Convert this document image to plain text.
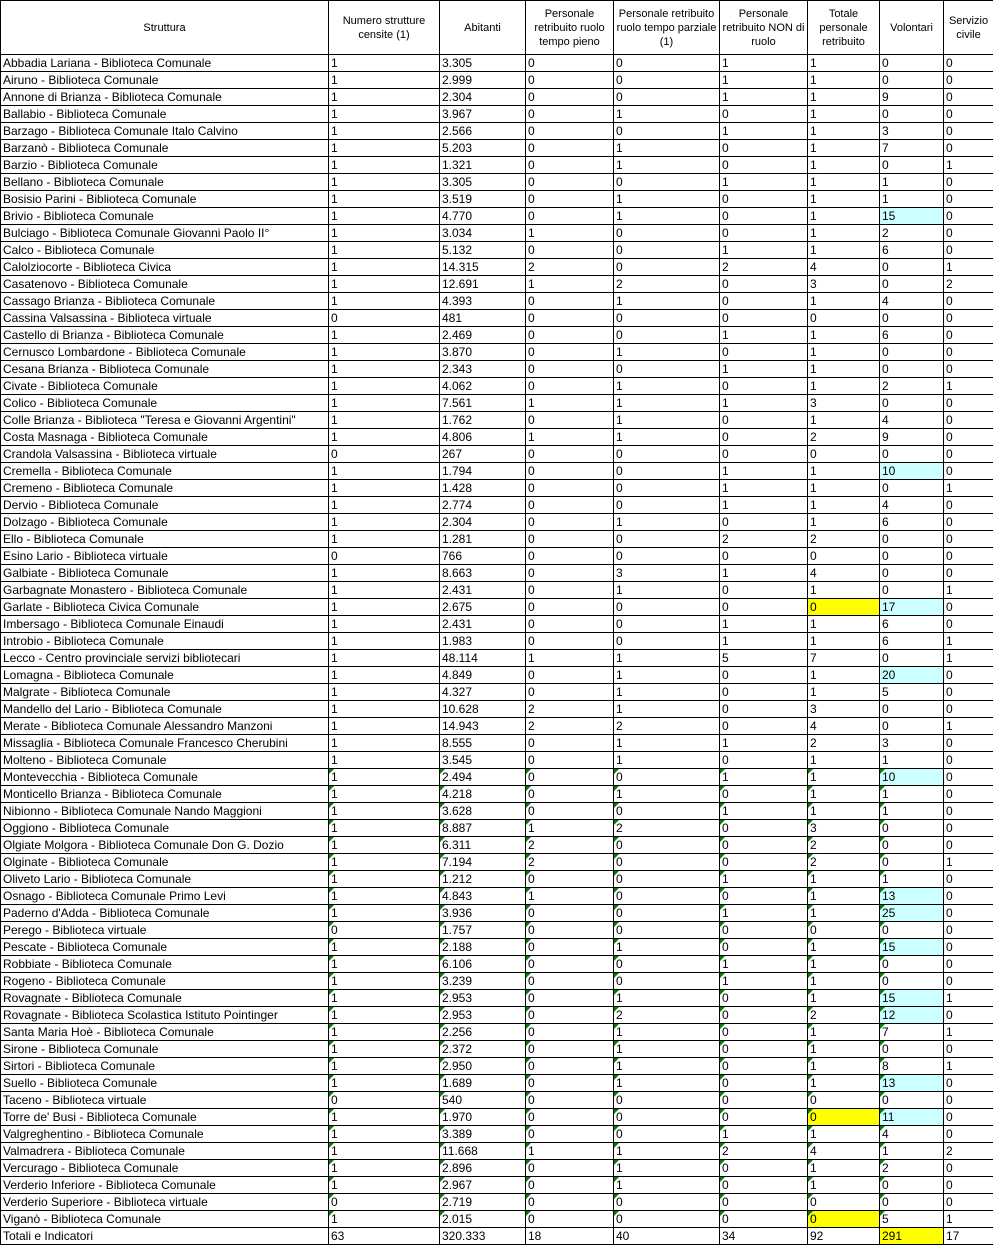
Struttura	Numero strutture censite (1)	Abitanti	Personale retribuito ruolo tempo pieno	Personale retribuito ruolo tempo parziale (1)	Personale retribuito NON di ruolo	Totale personale retribuito	Volontari	Servizio civile
Abbadia Lariana - Biblioteca Comunale	1	3.305	0	0	1	1	0	0
Airuno - Biblioteca Comunale	1	2.999	0	0	1	1	0	0
Annone di Brianza - Biblioteca Comunale	1	2.304	0	0	1	1	9	0
Ballabio - Biblioteca Comunale	1	3.967	0	1	0	1	0	0
Barzago - Biblioteca Comunale Italo Calvino	1	2.566	0	0	1	1	3	0
Barzanò - Biblioteca Comunale	1	5.203	0	1	0	1	7	0
Barzio - Biblioteca Comunale	1	1.321	0	1	0	1	0	1
Bellano - Biblioteca Comunale	1	3.305	0	0	1	1	1	0
Bosisio Parini - Biblioteca Comunale	1	3.519	0	1	0	1	1	0
Brivio - Biblioteca Comunale	1	4.770	0	1	0	1	15	0
Bulciago - Biblioteca Comunale Giovanni Paolo II°	1	3.034	1	0	0	1	2	0
Calco - Biblioteca Comunale	1	5.132	0	0	1	1	6	0
Calolziocorte - Biblioteca Civica	1	14.315	2	0	2	4	0	1
Casatenovo - Biblioteca Comunale	1	12.691	1	2	0	3	0	2
Cassago Brianza - Biblioteca Comunale	1	4.393	0	1	0	1	4	0
Cassina Valsassina - Biblioteca virtuale	0	481	0	0	0	0	0	0
Castello di Brianza - Biblioteca Comunale	1	2.469	0	0	1	1	6	0
Cernusco Lombardone - Biblioteca Comunale	1	3.870	0	1	0	1	0	0
Cesana Brianza - Biblioteca Comunale	1	2.343	0	0	1	1	0	0
Civate - Biblioteca Comunale	1	4.062	0	1	0	1	2	1
Colico - Biblioteca Comunale	1	7.561	1	1	1	3	0	0
Colle Brianza - Biblioteca "Teresa e Giovanni Argentini"	1	1.762	0	1	0	1	4	0
Costa Masnaga - Biblioteca Comunale	1	4.806	1	1	0	2	9	0
Crandola Valsassina - Biblioteca virtuale	0	267	0	0	0	0	0	0
Cremella - Biblioteca Comunale	1	1.794	0	0	1	1	10	0
Cremeno - Biblioteca Comunale	1	1.428	0	0	1	1	0	1
Dervio - Biblioteca Comunale	1	2.774	0	0	1	1	4	0
Dolzago - Biblioteca Comunale	1	2.304	0	1	0	1	6	0
Ello - Biblioteca Comunale	1	1.281	0	0	2	2	0	0
Esino Lario - Biblioteca virtuale	0	766	0	0	0	0	0	0
Galbiate - Biblioteca Comunale	1	8.663	0	3	1	4	0	0
Garbagnate Monastero - Biblioteca Comunale	1	2.431	0	1	0	1	0	1
Garlate - Biblioteca Civica Comunale	1	2.675	0	0	0	0	17	0
Imbersago - Biblioteca Comunale Einaudi	1	2.431	0	0	1	1	6	0
Introbio - Biblioteca Comunale	1	1.983	0	0	1	1	6	1
Lecco - Centro provinciale servizi bibliotecari	1	48.114	1	1	5	7	0	1
Lomagna - Biblioteca Comunale	1	4.849	0	1	0	1	20	0
Malgrate - Biblioteca Comunale	1	4.327	0	1	0	1	5	0
Mandello del Lario - Biblioteca Comunale	1	10.628	2	1	0	3	0	0
Merate - Biblioteca Comunale Alessandro Manzoni	1	14.943	2	2	0	4	0	1
Missaglia - Biblioteca Comunale Francesco Cherubini	1	8.555	0	1	1	2	3	0
Molteno - Biblioteca Comunale	1	3.545	0	1	0	1	1	0
Montevecchia - Biblioteca Comunale	1	2.494	0	0	1	1	10	0
Monticello Brianza - Biblioteca Comunale	1	4.218	0	1	0	1	1	0
Nibionno - Biblioteca Comunale Nando Maggioni	1	3.628	0	0	1	1	1	0
Oggiono - Biblioteca Comunale	1	8.887	1	2	0	3	0	0
Olgiate Molgora - Biblioteca Comunale Don G. Dozio	1	6.311	2	0	0	2	0	0
Olginate - Biblioteca Comunale	1	7.194	2	0	0	2	0	1
Oliveto Lario - Biblioteca Comunale	1	1.212	0	0	1	1	1	0
Osnago - Biblioteca Comunale Primo Levi	1	4.843	1	0	0	1	13	0
Paderno d'Adda - Biblioteca Comunale	1	3.936	0	0	1	1	25	0
Perego - Biblioteca virtuale	0	1.757	0	0	0	0	0	0
Pescate - Biblioteca Comunale	1	2.188	0	1	0	1	15	0
Robbiate - Biblioteca Comunale	1	6.106	0	0	1	1	0	0
Rogeno - Biblioteca Comunale	1	3.239	0	0	1	1	0	0
Rovagnate - Biblioteca Comunale	1	2.953	0	1	0	1	15	1
Rovagnate - Biblioteca Scolastica Istituto Pointinger	1	2.953	0	2	0	2	12	0
Santa Maria Hoè - Biblioteca Comunale	1	2.256	0	1	0	1	7	1
Sirone - Biblioteca Comunale	1	2.372	0	1	0	1	0	0
Sirtori - Biblioteca Comunale	1	2.950	0	1	0	1	8	1
Suello - Biblioteca Comunale	1	1.689	0	1	0	1	13	0
Taceno - Biblioteca virtuale	0	540	0	0	0	0	0	0
Torre de' Busi - Biblioteca Comunale	1	1.970	0	0	0	0	11	0
Valgreghentino - Biblioteca Comunale	1	3.389	0	0	1	1	4	0
Valmadrera - Biblioteca Comunale	1	11.668	1	1	2	4	1	2
Vercurago - Biblioteca Comunale	1	2.896	0	1	0	1	2	0
Verderio Inferiore - Biblioteca Comunale	1	2.967	0	1	0	1	0	0
Verderio Superiore - Biblioteca virtuale	0	2.719	0	0	0	0	0	0
Viganò - Biblioteca Comunale	1	2.015	0	0	0	0	5	1
Totali e Indicatori	63	320.333	18	40	34	92	291	17
